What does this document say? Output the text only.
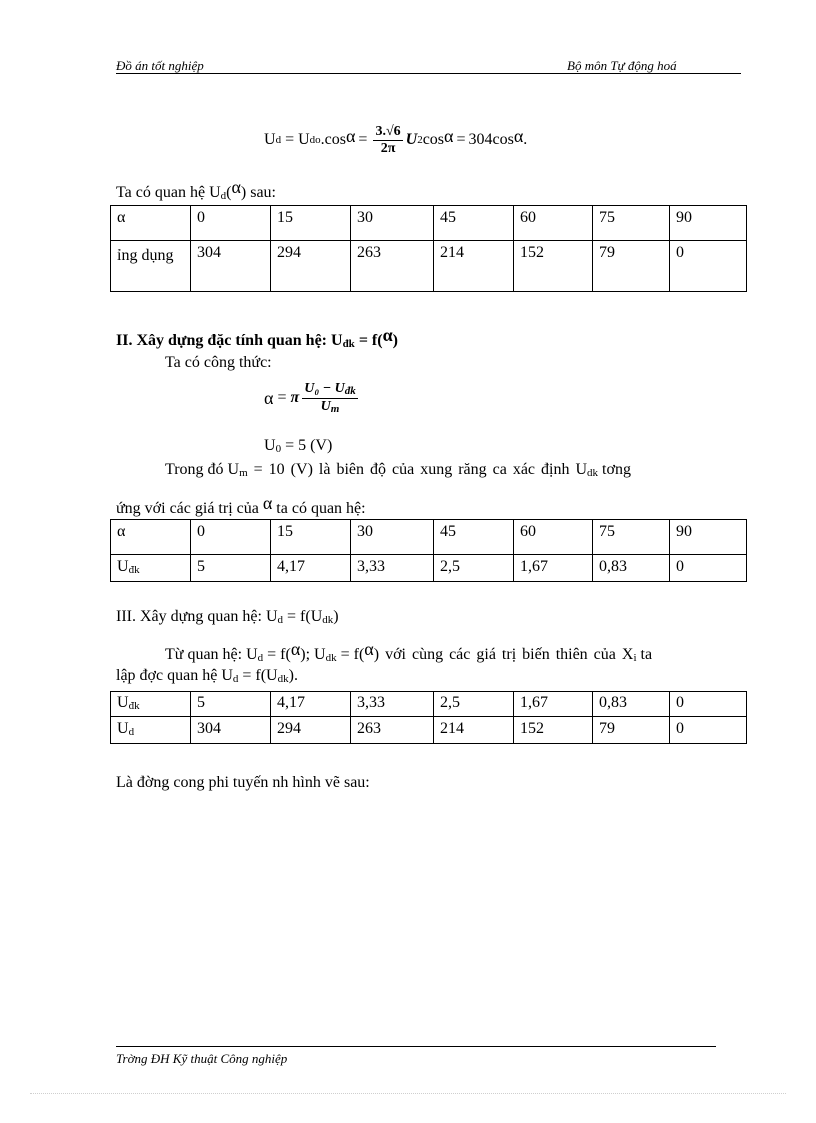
Đồ án tốt nghiệp	Bộ môn Tự động hoá
U d = U do .cos $\alpha = \frac{3.√6}{2\pi}$ U 2 cos α = 304cos α .
Ta có quan hệ Ud(α) sau:
α	0	15	30	45	60	75	90
ỉng dụng	304	294	263	214	152	79	0
II. Xây dựng đặc tính quan hệ: Uđk = f(α)
Ta có công thức:
α = π $\frac{\text{U₀ − Uđk}}{Um}$
U0 = 5 (V)
Trong đó Um = 10 (V) là biên độ của xung răng ca xác định Udk tơng
ứng với các giá trị của α ta có quan hệ:
α	0	15	30	45	60	75	90
Uđk	5	4,17	3,33	2,5	1,67	0,83	0
III. Xây dựng quan hệ: Ud = f(Udk)
Từ quan hệ: Ud = f(α); Udk = f(α) với cùng các giá trị biến thiên của Xi ta
lập đợc quan hệ Ud = f(Udk).
Uđk	5	4,17	3,33	2,5	1,67	0,83	0
Ud	304	294	263	214	152	79	0
Là đờng cong phi tuyến nh hình vẽ sau:
Trờng ĐH Kỹ thuật Công nghiệp
